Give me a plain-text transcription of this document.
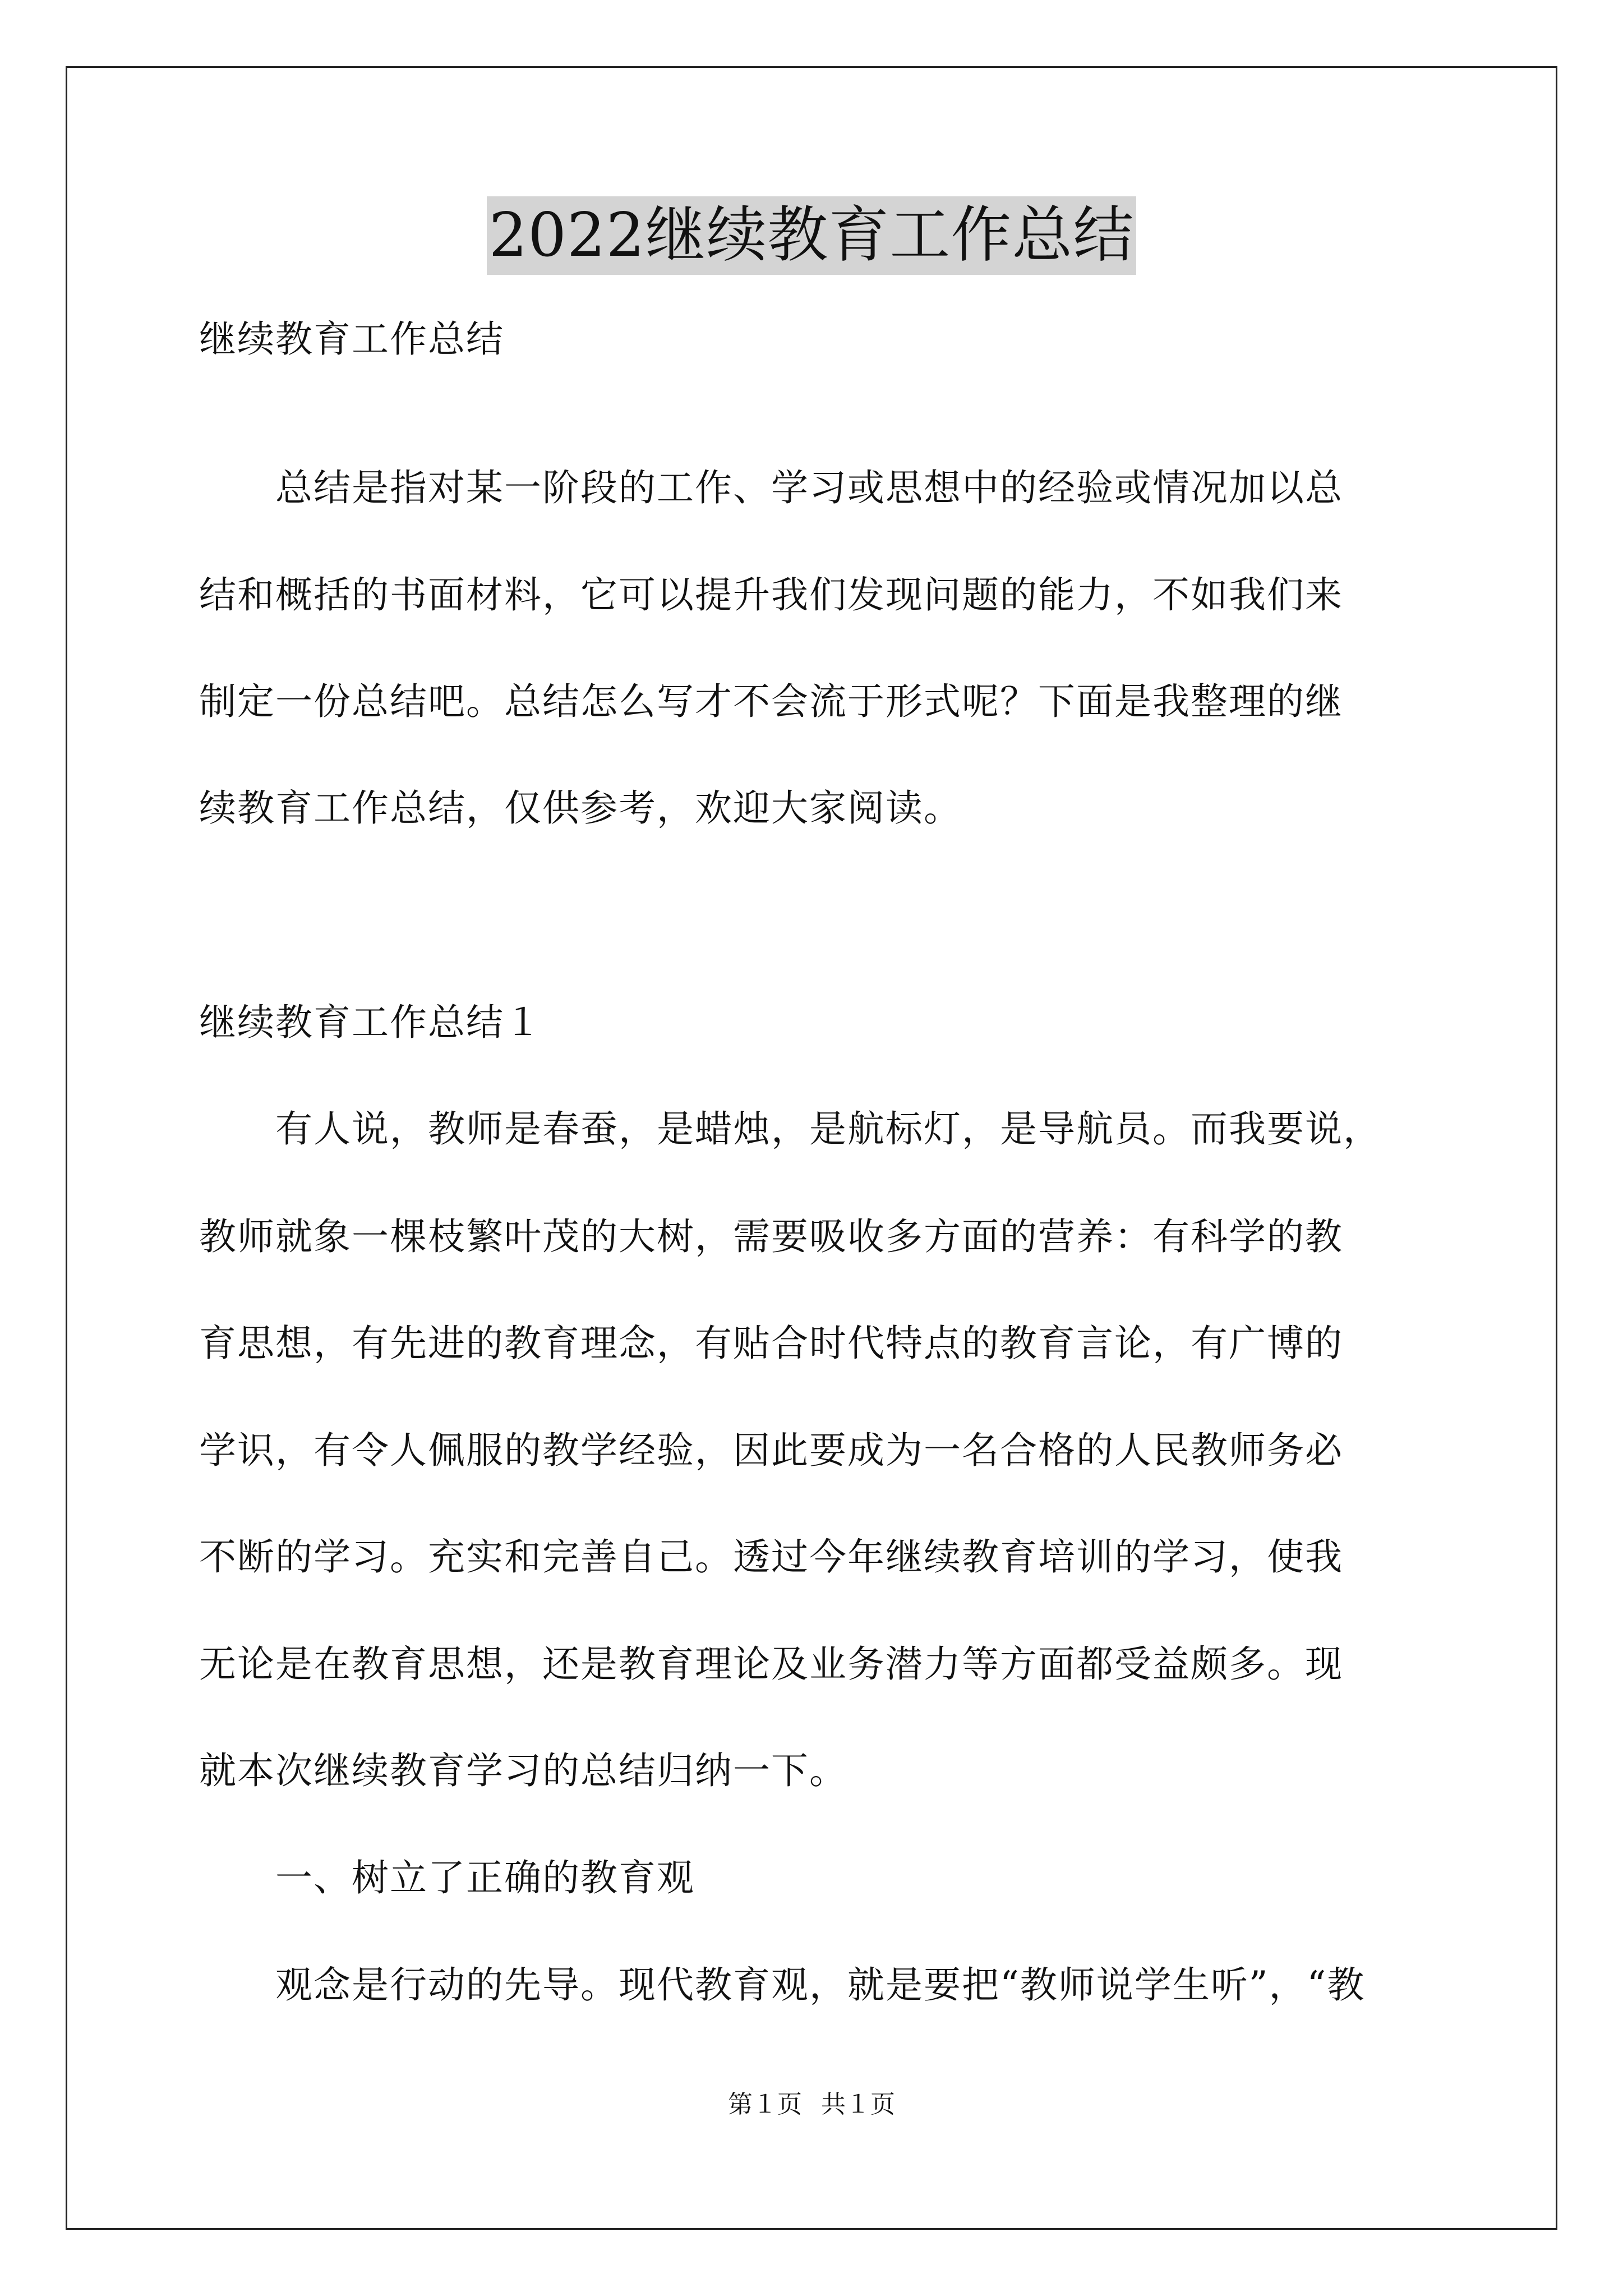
2022继续教育工作总结
继续教育工作总结
　　总结是指对某一阶段的工作、学习或思想中的经验或情况加以总
结和概括的书面材料，它可以提升我们发现问题的能力，不如我们来
制定一份总结吧。总结怎么写才不会流于形式呢？下面是我整理的继
续教育工作总结，仅供参考，欢迎大家阅读。
继续教育工作总结１
　　有人说，教师是春蚕，是蜡烛，是航标灯，是导航员。而我要说，
教师就象一棵枝繁叶茂的大树，需要吸收多方面的营养：有科学的教
育思想，有先进的教育理念，有贴合时代特点的教育言论，有广博的
学识，有令人佩服的教学经验，因此要成为一名合格的人民教师务必
不断的学习。充实和完善自己。透过今年继续教育培训的学习，使我
无论是在教育思想，还是教育理论及业务潜力等方面都受益颇多。现
就本次继续教育学习的总结归纳一下。
　　一、树立了正确的教育观
　　观念是行动的先导。现代教育观，就是要把“教师说学生听”，“教
第１页 共１页
